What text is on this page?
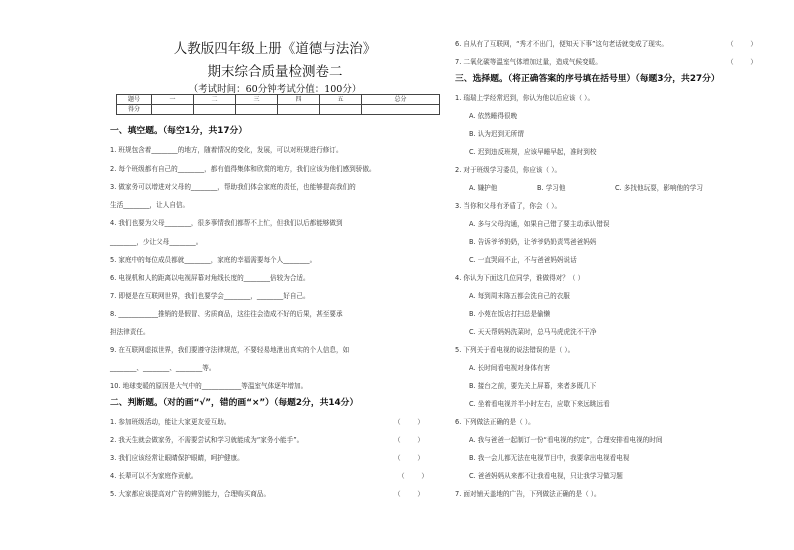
人教版四年级上册《道德与法治》
期末综合质量检测卷二
（考试时间：60分钟考试分值：100分）
题号	一	二	三	四	五	总分
得分						
一、填空题。（每空1分，共17分）
1. 班规包含着________的地方，随着情况的变化，发展，可以对班规进行修订。
2. 每个班级都有自己的________，都有值得集体和欣赏的地方，我们应该为他们感到骄傲。
3. 做家务可以增进对父母的________，帮助我们体会家庭的责任，也能够提高我们的
生活________，让人自信。
4. 我们也要为父母________，很多事情我们都帮不上忙，但我们以后都能够做到
________，少让父母________。
5. 家庭中的每位成员都就________，家庭的幸福需要每个人________。
6. 电视机和人的距离以电视屏幕对角线长度的________倍较为合适。
7. 即便是在互联网世界，我们也要学会________，________好自己。
8. ____________推销的是假冒、劣质商品，这往往会造成不好的后果，甚至要承
担法律责任。
9. 在互联网虚拟世界，我们要遵守法律规范，不要轻易地泄出真实的个人信息，如
________、________、________等。
10. 地球变暖的原因是大气中的____________等温室气体逐年增加。
二、判断题。（对的画“√”，错的画“×”）（每题2分，共14分）
1. 参加班级活动，能让大家更友爱互助。	（        ）
2. 我天生就会做家务，不需要尝试和学习就能成为“家务小能手”。	（        ）
3. 我们应该经常让眼睛保护眼睛，呵护健康。	（        ）
4. 长辈可以不为家庭作贡献。	（        ）
5. 大家都应该提高对广告的辨别能力，合理购买商品。	（        ）
6. 自从有了互联网，“秀才不出门，便知天下事”这句老话就变成了现实。	（        ）
7. 二氧化碳等温室气体增加过量，造成气候变暖。	（        ）
三、选择题。（将正确答案的序号填在括号里）（每题3分，共27分）
1. 瑞瑞上学经常迟到，你认为他以后应该（ ）。
A. 依然睡得很晚
B. 认为迟到无所谓
C. 迟到违反班规，应该早睡早起，准时到校
2. 对于班级学习委员，你应该（ ）。
A. 嫌护他	B. 学习他	C. 多找他玩耍，影响他的学习
3. 当你和父母有矛盾了，你会（ ）。
A. 多与父母沟通，如果自己错了要主动承认错误
B. 告诉爷爷奶奶，让爷爷奶奶责骂爸爸妈妈
C. 一直哭闹不止，不与爸爸妈妈说话
4. 你认为下面这几位同学，谁做得对？（ ）
A. 每到周末陈五都会洗自己的衣服
B. 小苑在饭店打扫总是偷懒
C. 天天帮妈妈洗菜时，总马马虎虎洗不干净
5. 下列关于看电视的说法错误的是（ ）。
A. 长时间看电视对身体有害
B. 接台之前，要先关上屏幕，来者多既几下
C. 坐着看电视并半小时左右，应歇下来远眺远看
6. 下列做法正确的是（ ）。
A. 我与爸爸一起制订一份“看电视的约定”，合理安排看电视的时间
B. 我一会儿都无法在电视节目中，我要拿出电视看电视
C. 爸爸妈妈从来都不让我看电视，只让我学习做习题
7. 面对铺天盖地的广告，下列做法正确的是（ ）。
